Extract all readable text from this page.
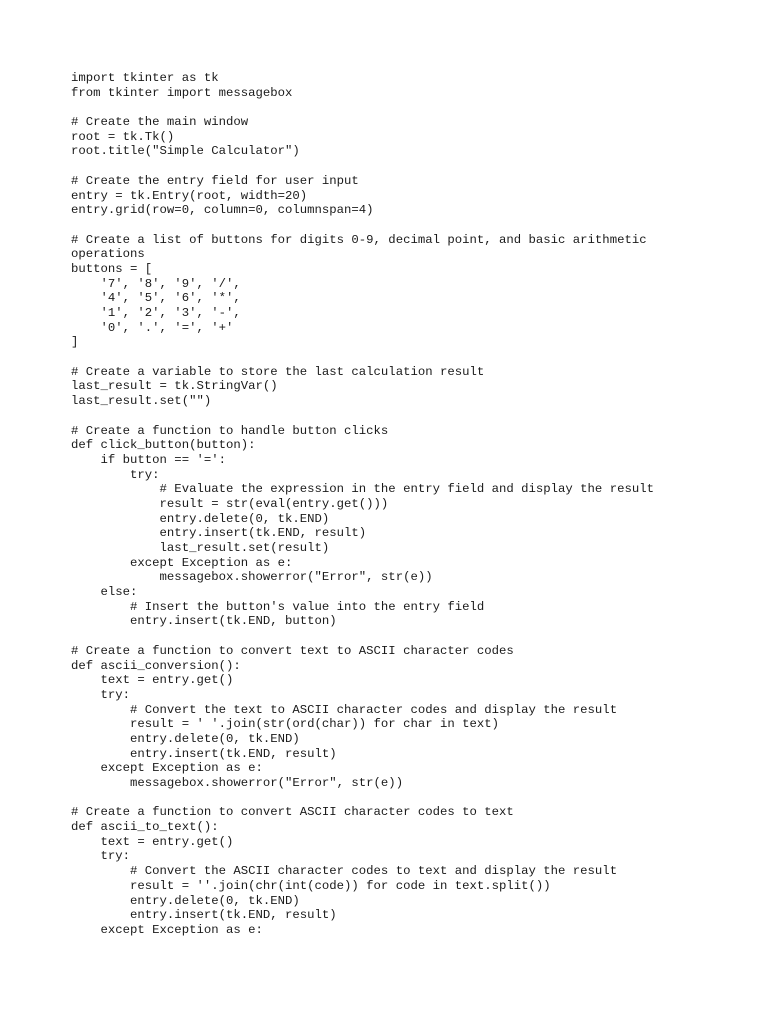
import tkinter as tk
from tkinter import messagebox
# Create the main window
root = tk.Tk()
root.title("Simple Calculator")
# Create the entry field for user input
entry = tk.Entry(root, width=20)
entry.grid(row=0, column=0, columnspan=4)
# Create a list of buttons for digits 0-9, decimal point, and basic arithmetic
operations
buttons = [
'7', '8', '9', '/',
'4', '5', '6', '*',
'1', '2', '3', '-',
'0', '.', '=', '+'
]
# Create a variable to store the last calculation result
last_result = tk.StringVar()
last_result.set("")
# Create a function to handle button clicks
def click_button(button):
if button == '=':
try:
# Evaluate the expression in the entry field and display the result
result = str(eval(entry.get()))
entry.delete(0, tk.END)
entry.insert(tk.END, result)
last_result.set(result)
except Exception as e:
messagebox.showerror("Error", str(e))
else:
# Insert the button's value into the entry field
entry.insert(tk.END, button)
# Create a function to convert text to ASCII character codes
def ascii_conversion():
text = entry.get()
try:
# Convert the text to ASCII character codes and display the result
result = ' '.join(str(ord(char)) for char in text)
entry.delete(0, tk.END)
entry.insert(tk.END, result)
except Exception as e:
messagebox.showerror("Error", str(e))
# Create a function to convert ASCII character codes to text
def ascii_to_text():
text = entry.get()
try:
# Convert the ASCII character codes to text and display the result
result = ''.join(chr(int(code)) for code in text.split())
entry.delete(0, tk.END)
entry.insert(tk.END, result)
except Exception as e:
